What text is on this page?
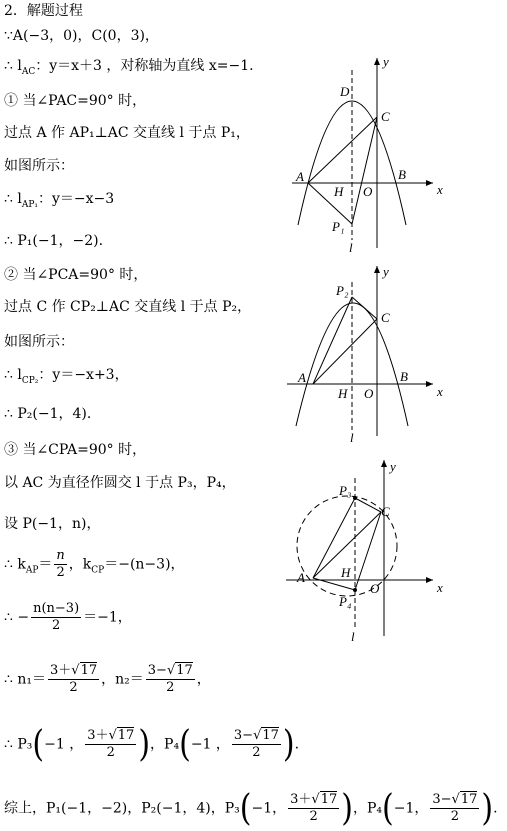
2．解题过程
∵A(−3，0)，C(0，3)，
∴ $l_{AC}$：y＝x＋3 ，对称轴为直线 x=−1.
① 当∠PAC=90° 时，
过点 A 作 AP₁⊥AC 交直线 l 于点 P₁，
如图所示：
∴ $l_{AP_1}$：y＝−x−3
∴ P₁(−1，−2).
② 当∠PCA=90° 时，
过点 C 作 CP₂⊥AC 交直线 l 于点 P₂，
如图所示：
∴ $l_{CP_2}$：y＝−x+3，
∴ P₂(−1，4).
③ 当∠CPA=90° 时，
以 AC 为直径作圆交 l 于点 P₃，P₄，
设 P(−1，n)，
∴ $k_{AP}= \frac{n}{2}$ ，$k_{CP}=-(n-3)$，
∴ − $\frac{n(n-3)}{2} =-1$，
∴ $n_1= \frac{3+√17}{2}$ ，$n_2= \frac{3-√17}{2}$ ，
∴ P₃(−1 ， $\frac{3+√17}{2}$ )，P₄(−1 ， $\frac{3-√17}{2}$ ).
综上，P₁(−1，−2)，P₂(−1，4)，P₃(−1， $\frac{3+√17}{2}$ )，P₄(−1， $\frac{3-√17}{2}$ ).
A	B
C
D
H O
P₁
l
y
x
A	B
C
P₂
H O
l
y
x
A
C
P₃
P₄
H
O
l
y
x
